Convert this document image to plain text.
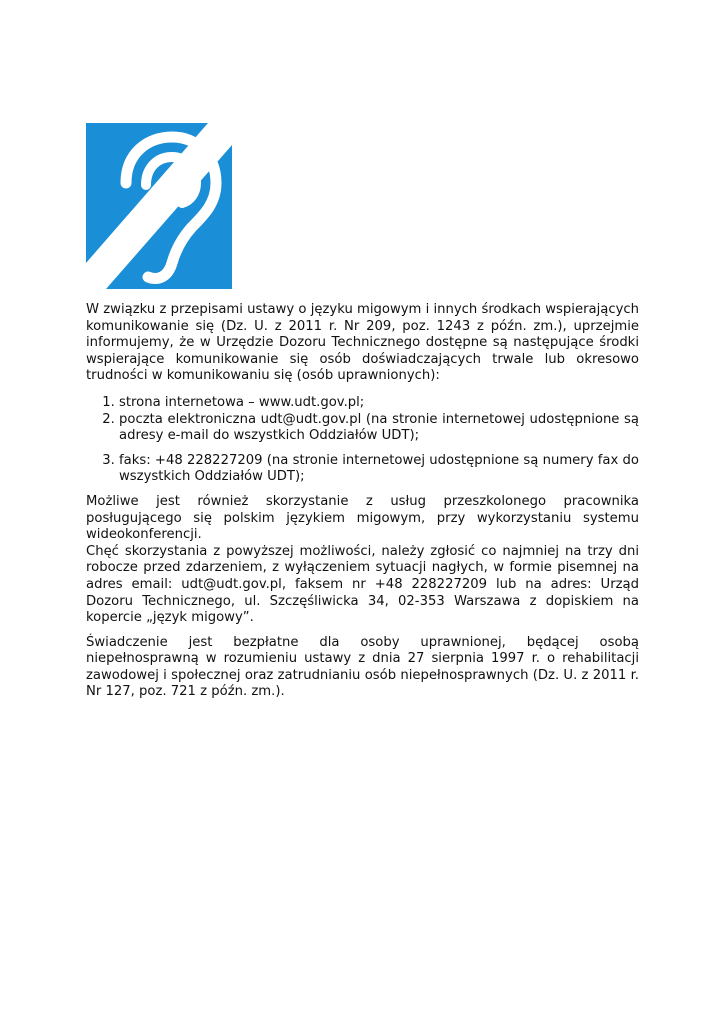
W związku z przepisami ustawy o języku migowym i innych środkach wspierających komunikowanie się (Dz. U. z 2011 r. Nr 209, poz. 1243 z późn. zm.), uprzejmie informujemy, że w Urzędzie Dozoru Technicznego dostępne są następujące środki wspierające komunikowanie się osób doświadczających trwale lub okresowo trudności w komunikowaniu się (osób uprawnionych):

1. strona internetowa – www.udt.gov.pl;
2. poczta elektroniczna udt@udt.gov.pl (na stronie internetowej udostępnione są adresy e-mail do wszystkich Oddziałów UDT);
3. faks: +48 228227209 (na stronie internetowej udostępnione są numery fax do wszystkich Oddziałów UDT);

Możliwe jest również skorzystanie z usług przeszkolonego pracownika posługującego się polskim językiem migowym, przy wykorzystaniu systemu wideokonferencji.

Chęć skorzystania z powyższej możliwości, należy zgłosić co najmniej na trzy dni robocze przed zdarzeniem, z wyłączeniem sytuacji nagłych, w formie pisemnej na adres email: udt@udt.gov.pl, faksem nr +48 228227209 lub na adres: Urząd Dozoru Technicznego, ul. Szczęśliwicka 34, 02-353 Warszawa z dopiskiem na kopercie „język migowy”.

Świadczenie jest bezpłatne dla osoby uprawnionej, będącej osobą niepełnosprawną w rozumieniu ustawy z dnia 27 sierpnia 1997 r. o rehabilitacji zawodowej i społecznej oraz zatrudnianiu osób niepełnosprawnych (Dz. U. z 2011 r. Nr 127, poz. 721 z późn. zm.).
